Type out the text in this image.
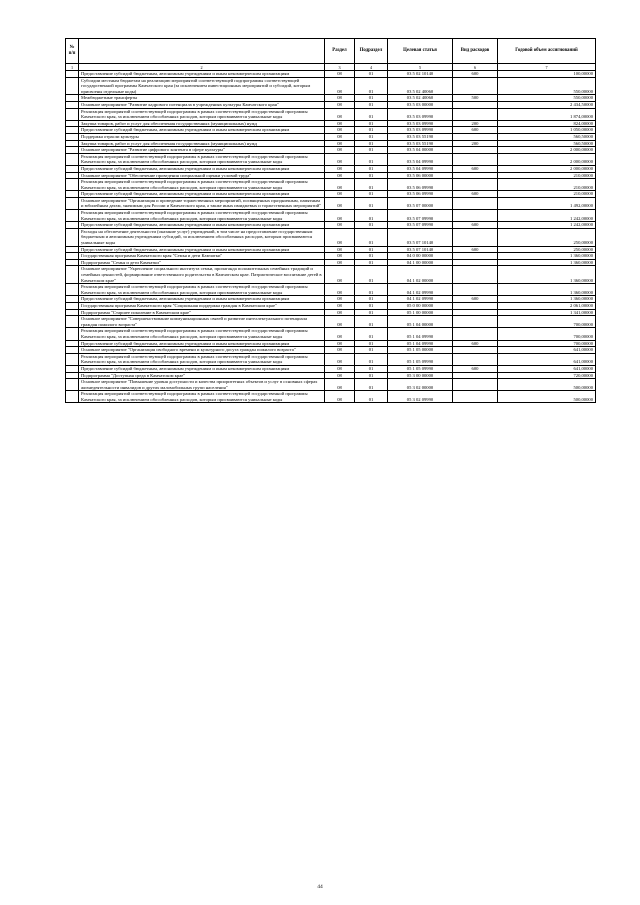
№ п/п		Раздел	Подраздел	Целевая статья	Вид расходов	Годовой объем ассигнований
1	2	3	4	5	6	7
	Предоставление субсидий бюджетным, автономным учреждениям и иным некоммерческим организациям	08	01	03 5 02 10140	600	100,00000
	Субсидии местным бюджетам на реализацию мероприятий соответствующей подпрограммы соответствующей государственной программы Камчатского края (за исключением инвестиционных мероприятий и субсидий, которым присвоены отдельные коды)	08	01	03 5 02 40060		550,00000
	Межбюджетные трансферты	08	01	03 5 02 40060	500	550,00000
	Основное мероприятие "Развитие кадрового потенциала в учреждениях культуры Камчатского края"	08	01	03 5 03 00000		2 434,50000
	Реализация мероприятий соответствующей подпрограммы в рамках соответствующей государственной программы Камчатского края, за исключением обособленных расходов, которым присваиваются уникальные коды	08	01	03 5 03 09990		1 874,00000
	Закупка товаров, работ и услуг для обеспечения государственных (муниципальных) нужд	08	01	03 5 03 09990	200	824,00000
	Предоставление субсидий бюджетным, автономным учреждениям и иным некоммерческим организациям	08	01	03 5 03 09990	600	1 050,00000
	Поддержка отрасли культуры	08	01	03 5 03 55190		560,50000
	Закупка товаров, работ и услуг для обеспечения государственных (муниципальных) нужд	08	01	03 5 03 55190	200	560,50000
	Основное мероприятие "Развитие цифрового контента в сфере культуры"	08	01	03 5 04 00000		2 000,00000
	Реализация мероприятий соответствующей подпрограммы в рамках соответствующей государственной программы Камчатского края, за исключением обособленных расходов, которым присваиваются уникальные коды	08	01	03 5 04 09990		2 000,00000
	Предоставление субсидий бюджетным, автономным учреждениям и иным некоммерческим организациям	08	01	03 5 04 09990	600	2 000,00000
	Основное мероприятие "Обеспечение проведения специальной оценки условий труда"	08	01	03 5 06 00000		210,00000
	Реализация мероприятий соответствующей подпрограммы в рамках соответствующей государственной программы Камчатского края, за исключением обособленных расходов, которым присваиваются уникальные коды	08	01	03 5 06 09990		210,00000
	Предоставление субсидий бюджетным, автономным учреждениям и иным некоммерческим организациям	08	01	03 5 06 09990	600	210,00000
	Основное мероприятие "Организация и проведение торжественных мероприятий, посвященных праздничным, памятным и юбилейным датам, значимым для России и Камчатского края, а также иных имиджевых и торжественных мероприятий"	08	01	03 5 07 00000		1 492,00000
	Реализация мероприятий соответствующей подпрограммы в рамках соответствующей государственной программы Камчатского края, за исключением обособленных расходов, которым присваиваются уникальные коды	08	01	03 5 07 09990		1 242,00000
	Предоставление субсидий бюджетным, автономным учреждениям и иным некоммерческим организациям	08	01	03 5 07 09990	600	1 242,00000
	Расходы на обеспечение деятельности (оказание услуг) учреждений, в том числе на предоставление государственным бюджетным и автономным учреждениям субсидий, за исключением обособленных расходов, которым присваиваются уникальные коды	08	01	03 5 07 10140		250,00000
	Предоставление субсидий бюджетным, автономным учреждениям и иным некоммерческим организациям	08	01	03 5 07 10140	600	250,00000
	Государственная программа Камчатского края "Семья и дети Камчатки"	08	01	04 0 00 00000		1 360,00000
	Подпрограмма "Семья и дети Камчатки"	08	01	04 1 00 00000		1 360,00000
	Основное мероприятие "Укрепление социального института семьи, пропаганда положительных семейных традиций и семейных ценностей, формирование ответственного родительства в Камчатском крае. Патриотическое воспитание детей в Камчатском крае"	08	01	04 1 02 00000		1 360,00000
	Реализация мероприятий соответствующей подпрограммы в рамках соответствующей государственной программы Камчатского края, за исключением обособленных расходов, которым присваиваются уникальные коды	08	01	04 1 02 09990		1 360,00000
	Предоставление субсидий бюджетным, автономным учреждениям и иным некоммерческим организациям	08	01	04 1 02 09990	600	1 360,00000
	Государственная программа Камчатского края "Социальная поддержка граждан в Камчатском крае"	08	01	05 0 00 00000		2 061,00000
	Подпрограмма "Старшее поколение в Камчатском крае"	08	01	05 1 00 00000		1 341,00000
	Основное мероприятие "Совершенствование коммуникационных связей и развитие интеллектуального потенциала граждан пожилого возраста"	08	01	05 1 04 00000		700,00000
	Реализация мероприятий соответствующей подпрограммы в рамках соответствующей государственной программы Камчатского края, за исключением обособленных расходов, которым присваиваются уникальные коды	08	01	05 1 04 09990		700,00000
	Предоставление субсидий бюджетным, автономным учреждениям и иным некоммерческим организациям	08	01	05 1 04 09990	600	700,00000
	Основное мероприятие "Организация свободного времени и культурного досуга граждан пожилого возраста"	08	01	05 1 05 00000		641,00000
	Реализация мероприятий соответствующей подпрограммы в рамках соответствующей государственной программы Камчатского края, за исключением обособленных расходов, которым присваиваются уникальные коды	08	01	05 1 05 09990		641,00000
	Предоставление субсидий бюджетным, автономным учреждениям и иным некоммерческим организациям	08	01	05 1 05 09990	600	641,00000
	Подпрограмма "Доступная среда в Камчатском крае"	08	01	05 3 00 00000		720,00000
	Основное мероприятие "Повышение уровня доступности и качества приоритетных объектов и услуг в основных сферах жизнедеятельности инвалидов и других маломобильных групп населения"	08	01	05 3 02 00000		500,00000
	Реализация мероприятий соответствующей подпрограммы в рамках соответствующей государственной программы Камчатского края, за исключением обособленных расходов, которым присваиваются уникальные коды	08	01	05 3 02 09990		500,00000
44
